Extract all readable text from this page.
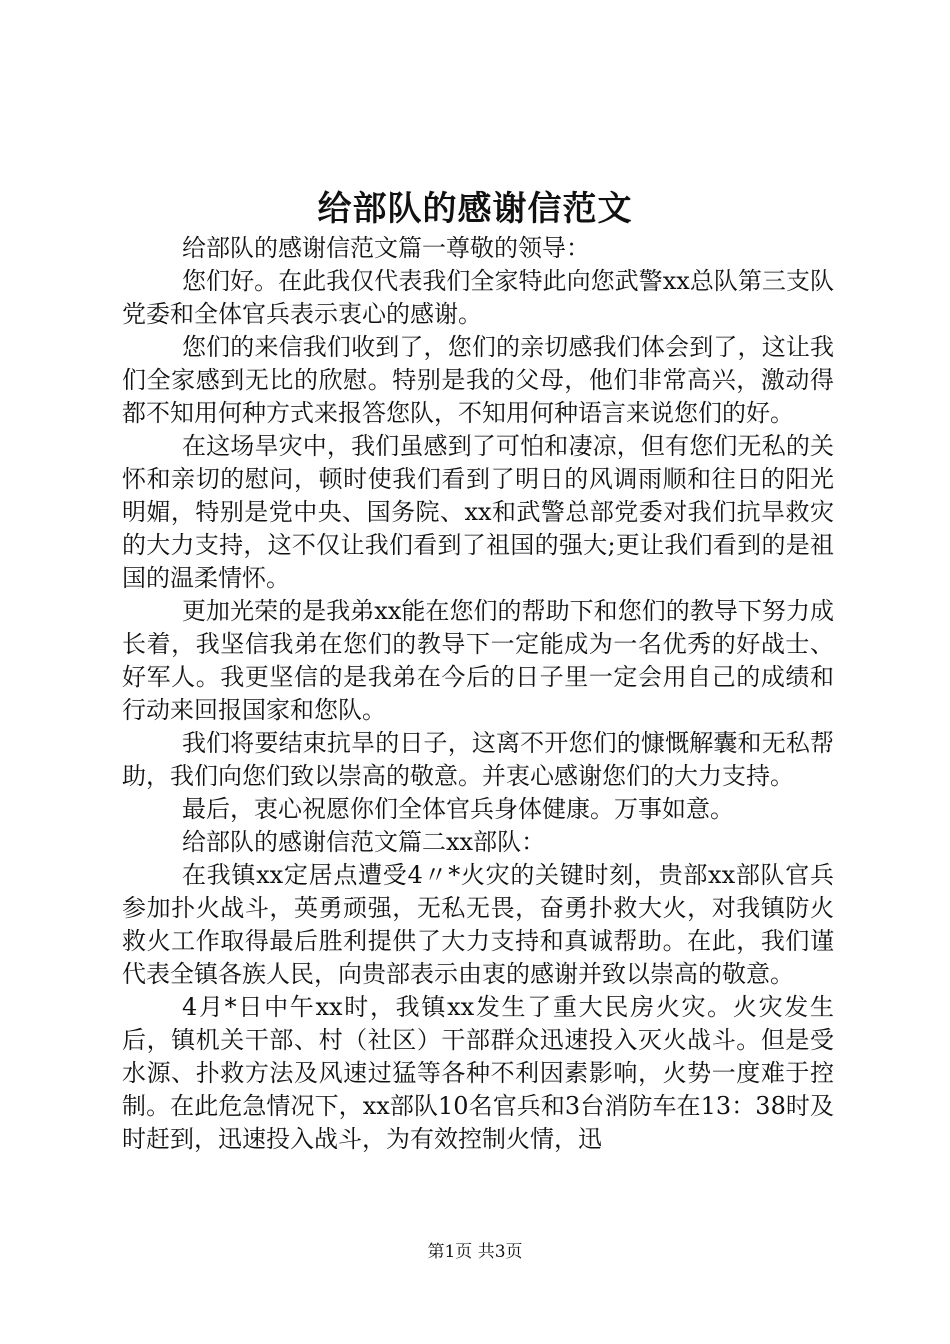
给部队的感谢信范文

给部队的感谢信范文篇一尊敬的领导：

您们好。在此我仅代表我们全家特此向您武警xx总队第三支队党委和全体官兵表示衷心的感谢。

您们的来信我们收到了，您们的亲切感我们体会到了，这让我们全家感到无比的欣慰。特别是我的父母，他们非常高兴，激动得都不知用何种方式来报答您队，不知用何种语言来说您们的好。

在这场旱灾中，我们虽感到了可怕和凄凉，但有您们无私的关怀和亲切的慰问，顿时使我们看到了明日的风调雨顺和往日的阳光明媚，特别是党中央、国务院、xx和武警总部党委对我们抗旱救灾的大力支持，这不仅让我们看到了祖国的强大;更让我们看到的是祖国的温柔情怀。

更加光荣的是我弟xx能在您们的帮助下和您们的教导下努力成长着，我坚信我弟在您们的教导下一定能成为一名优秀的好战士、好军人。我更坚信的是我弟在今后的日子里一定会用自己的成绩和行动来回报国家和您队。

我们将要结束抗旱的日子，这离不开您们的慷慨解囊和无私帮助，我们向您们致以崇高的敬意。并衷心感谢您们的大力支持。

最后，衷心祝愿你们全体官兵身体健康。万事如意。

给部队的感谢信范文篇二xx部队：

在我镇xx定居点遭受4〃*火灾的关键时刻，贵部xx部队官兵参加扑火战斗，英勇顽强，无私无畏，奋勇扑救大火，对我镇防火救火工作取得最后胜利提供了大力支持和真诚帮助。在此，我们谨代表全镇各族人民，向贵部表示由衷的感谢并致以崇高的敬意。

4月*日中午xx时，我镇xx发生了重大民房火灾。火灾发生后，镇机关干部、村（社区）干部群众迅速投入灭火战斗。但是受水源、扑救方法及风速过猛等各种不利因素影响，火势一度难于控制。在此危急情况下，xx部队10名官兵和3台消防车在13：38时及时赶到，迅速投入战斗，为有效控制火情，迅

第1页 共3页
